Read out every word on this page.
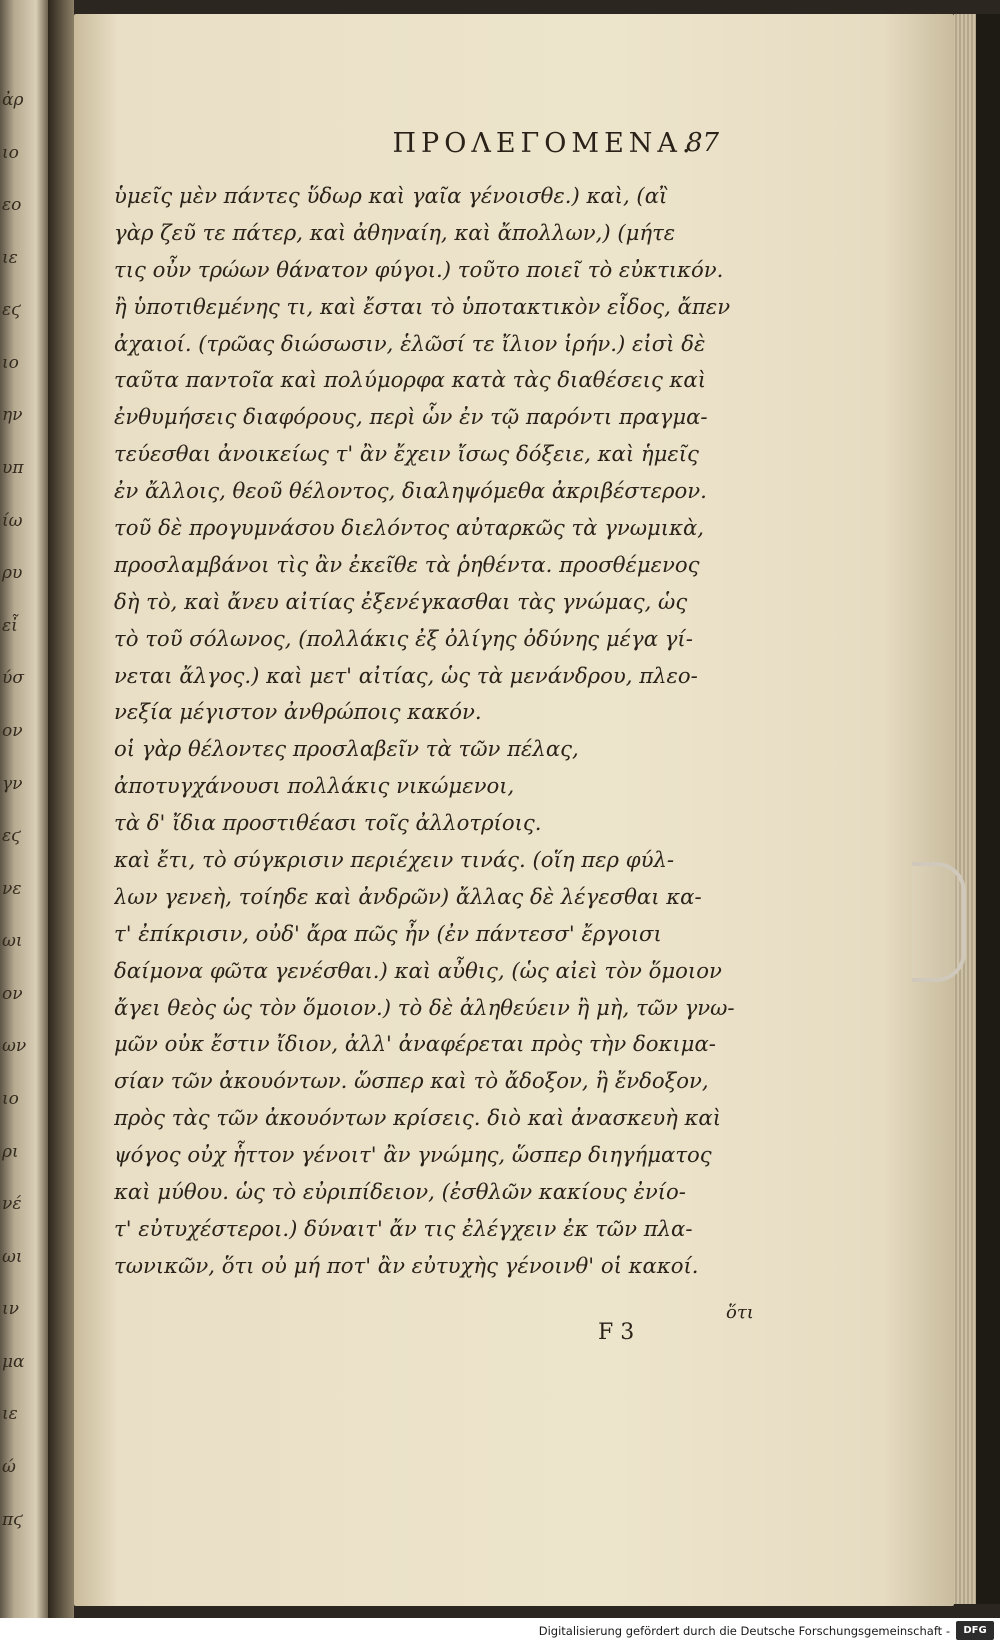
ἀρ
ιο
εο
ιε
εϛ
ιο
ην
υπ
ίω
ρυ
εἶ
ύσ
ον
γν
εϛ
νε
ωι
ον
ων
ιο
ρι
νέ
ωι
ιν
μα
ιε
ώ
πϛ
ΠΡΟΛΕΓΟΜΕΝΑ.
87
ὑμεῖς μὲν πάντες ὕδωρ καὶ γαῖα γένοισθε.) καὶ, (αἲ
γὰρ ζεῦ τε πάτερ, καὶ ἀθηναίη, καὶ ἄπολλων,) (μήτε
τις οὖν τρώων θάνατον φύγοι.) τοῦτο ποιεῖ τὸ εὐκτικόν.
ἢ ὑποτιθεμένης τι, καὶ ἔσται τὸ ὑποτακτικὸν εἶδος, ἄπεν
ἀχαιοί. (τρῶας διώσωσιν, ἑλῶσί τε ἴλιον ἱρήν.) εἰσὶ δὲ
ταῦτα παντοῖα καὶ πολύμορφα κατὰ τὰς διαθέσεις καὶ
ἐνθυμήσεις διαφόρους, περὶ ὧν ἐν τῷ παρόντι πραγμα-
τεύεσθαι ἀνοικείως τ' ἂν ἔχειν ἴσως δόξειε, καὶ ἡμεῖς
ἐν ἄλλοις, θεοῦ θέλοντος, διαληψόμεθα ἀκριβέστερον.
τοῦ δὲ προγυμνάσου διελόντος αὐταρκῶς τὰ γνωμικὰ,
προσλαμβάνοι τὶς ἂν ἐκεῖθε τὰ ῥηθέντα. προσθέμενος
δὴ τὸ, καὶ ἄνευ αἰτίας ἐξενέγκασθαι τὰς γνώμας, ὡς
τὸ τοῦ σόλωνος, (πολλάκις ἐξ ὀλίγης ὀδύνης μέγα γί-
νεται ἄλγος.) καὶ μετ' αἰτίας, ὡς τὰ μενάνδρου, πλεο-
νεξία μέγιστον ἀνθρώποις κακόν.
οἱ γὰρ θέλοντες προσλαβεῖν τὰ τῶν πέλας,
ἀποτυγχάνουσι πολλάκις νικώμενοι,
τὰ δ' ἴδια προστιθέασι τοῖς ἀλλοτρίοις.
καὶ ἔτι, τὸ σύγκρισιν περιέχειν τινάς. (οἵη περ φύλ-
λων γενεὴ, τοίηδε καὶ ἀνδρῶν) ἄλλας δὲ λέγεσθαι κα-
τ' ἐπίκρισιν, οὐδ' ἄρα πῶς ἦν (ἐν πάντεσσ' ἔργοισι
δαίμονα φῶτα γενέσθαι.) καὶ αὖθις, (ὡς αἰεὶ τὸν ὅμοιον
ἄγει θεὸς ὡς τὸν ὅμοιον.) τὸ δὲ ἀληθεύειν ἢ μὴ, τῶν γνω-
μῶν οὐκ ἔστιν ἴδιον, ἀλλ' ἀναφέρεται πρὸς τὴν δοκιμα-
σίαν τῶν ἀκουόντων. ὥσπερ καὶ τὸ ἄδοξον, ἢ ἔνδοξον,
πρὸς τὰς τῶν ἀκουόντων κρίσεις. διὸ καὶ ἀνασκευὴ καὶ
ψόγος οὐχ ἧττον γένοιτ' ἂν γνώμης, ὥσπερ διηγήματος
καὶ μύθου. ὡς τὸ εὐριπίδειον, (ἐσθλῶν κακίους ἐνίο-
τ' εὐτυχέστεροι.) δύναιτ' ἄν τις ἐλέγχειν ἐκ τῶν πλα-
τωνικῶν, ὅτι οὐ μή ποτ' ἂν εὐτυχὴς γένοινθ' οἱ κακοί.
F 3
ὅτι
Digitalisierung gefördert durch die Deutsche Forschungsgemeinschaft -	DFG
